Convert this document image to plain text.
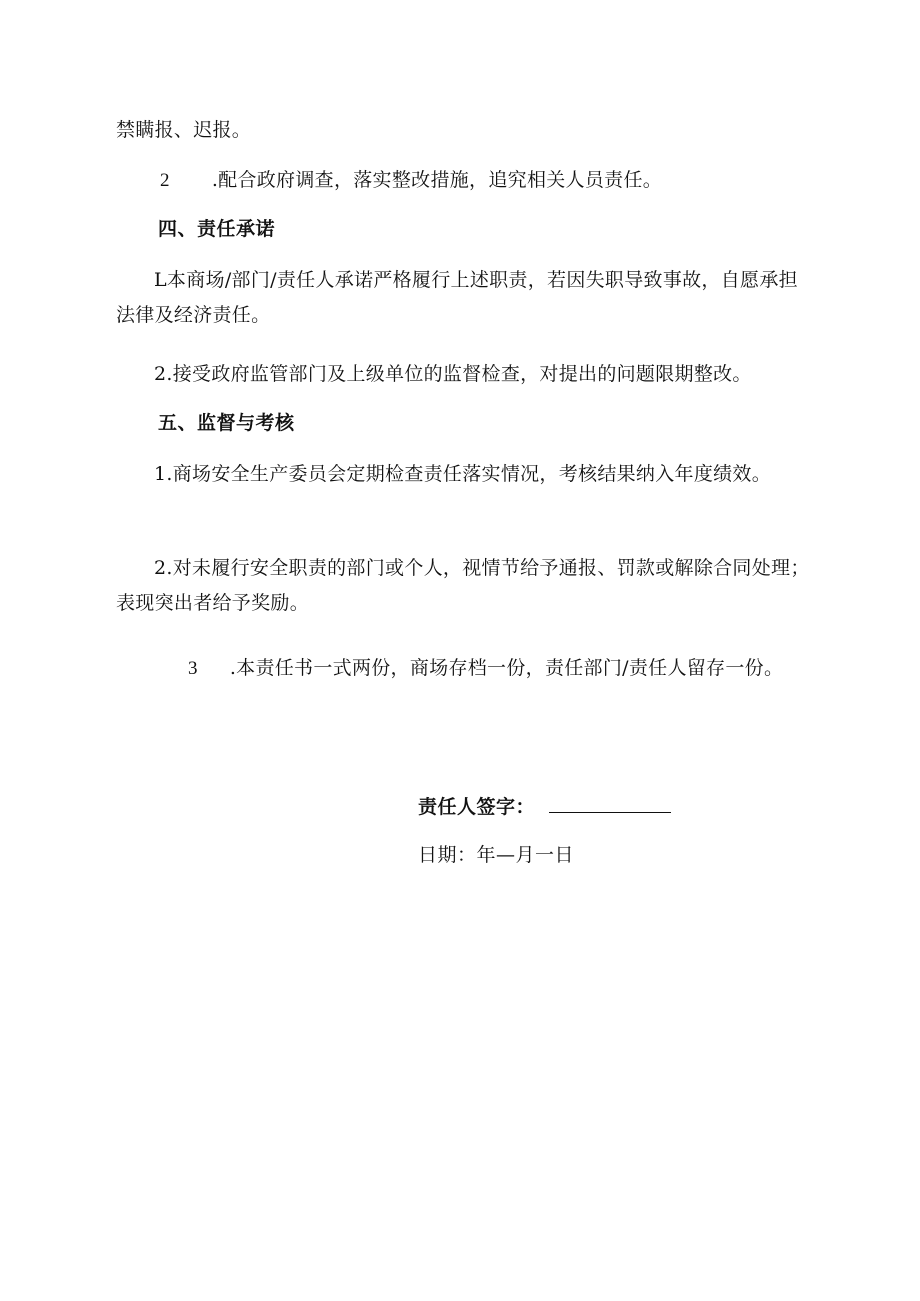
禁瞒报、迟报。

2 .配合政府调查，落实整改措施，追究相关人员责任。

四、责任承诺

L本商场/部门/责任人承诺严格履行上述职责，若因失职导致事故，自愿承担法律及经济责任。

2.接受政府监管部门及上级单位的监督检查，对提出的问题限期整改。

五、监督与考核

1.商场安全生产委员会定期检查责任落实情况，考核结果纳入年度绩效。

2.对未履行安全职责的部门或个人，视情节给予通报、罚款或解除合同处理；表现突出者给予奖励。

3 .本责任书一式两份，商场存档一份，责任部门/责任人留存一份。

责任人签字：
日期：年—月一日
